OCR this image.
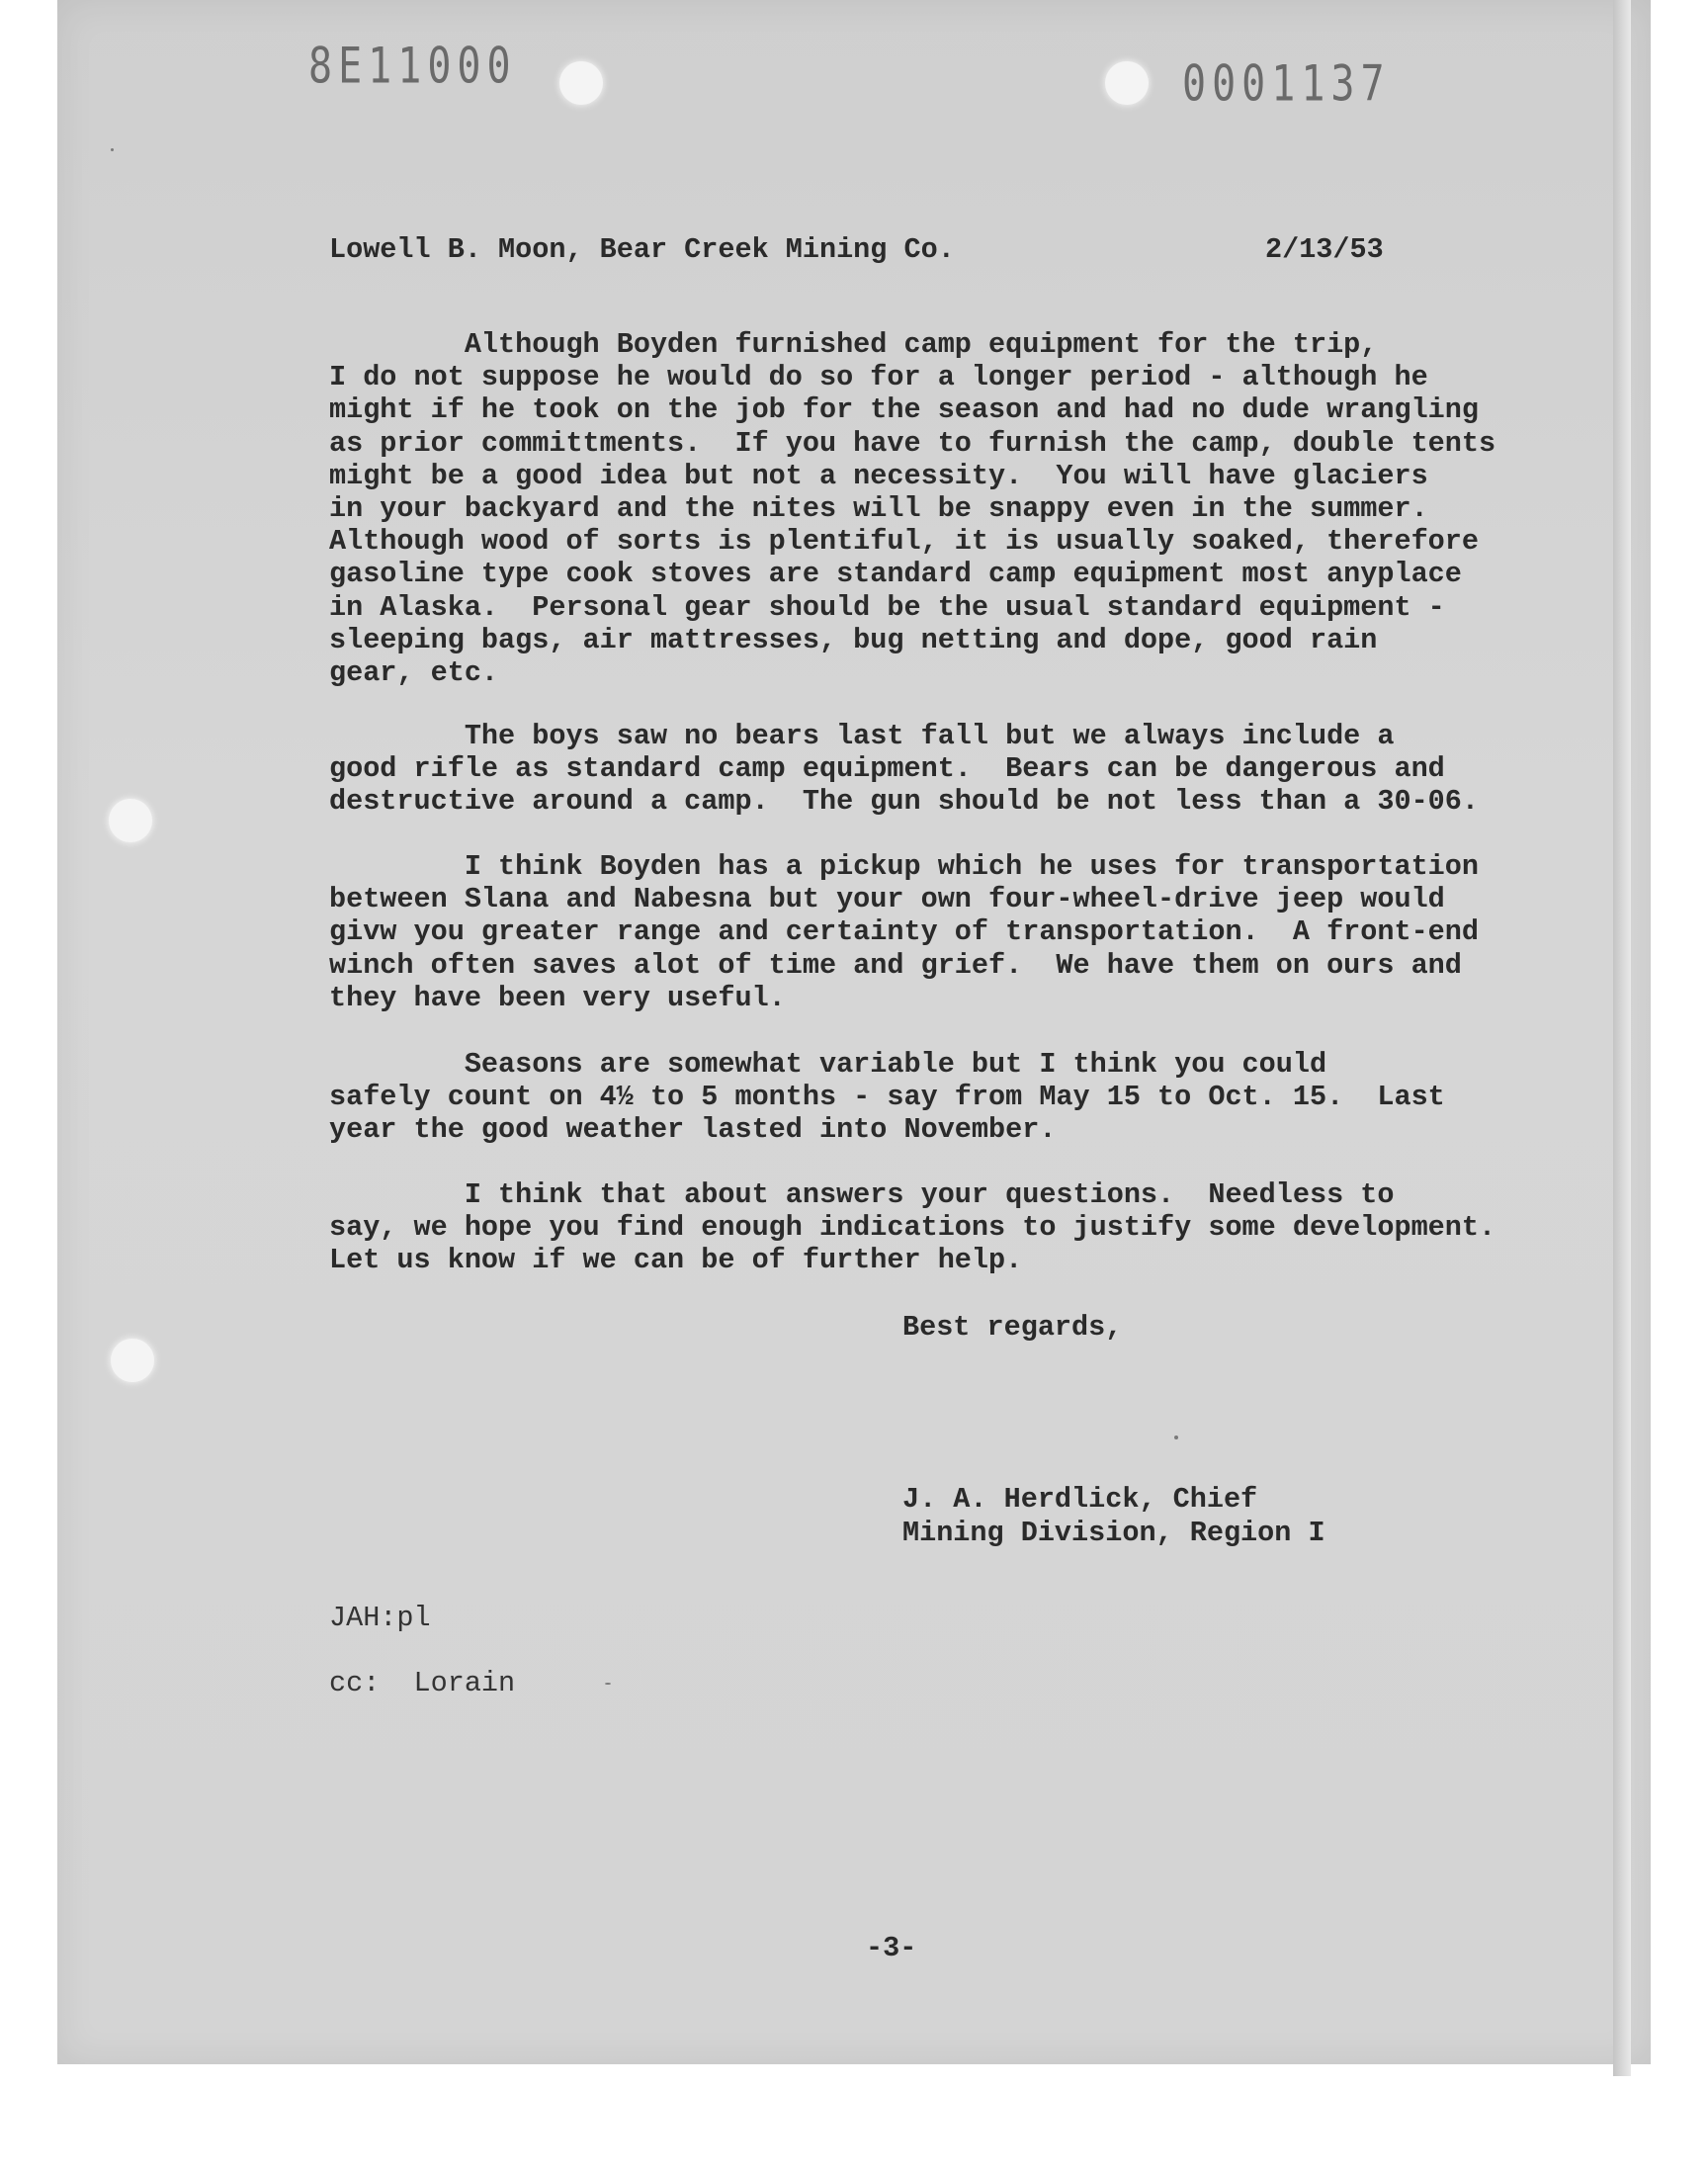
8E11000	0001137
Lowell B. Moon, Bear Creek Mining Co.	2/13/53
Although Boyden furnished camp equipment for the trip,
I do not suppose he would do so for a longer period - although he
might if he took on the job for the season and had no dude wrangling
as prior committments.  If you have to furnish the camp, double tents
might be a good idea but not a necessity.  You will have glaciers
in your backyard and the nites will be snappy even in the summer.
Although wood of sorts is plentiful, it is usually soaked, therefore
gasoline type cook stoves are standard camp equipment most anyplace
in Alaska.  Personal gear should be the usual standard equipment -
sleeping bags, air mattresses, bug netting and dope, good rain
gear, etc.
The boys saw no bears last fall but we always include a
good rifle as standard camp equipment.  Bears can be dangerous and
destructive around a camp.  The gun should be not less than a 30-06.
I think Boyden has a pickup which he uses for transportation
between Slana and Nabesna but your own four-wheel-drive jeep would
givw you greater range and certainty of transportation.  A front-end
winch often saves alot of time and grief.  We have them on ours and
they have been very useful.
Seasons are somewhat variable but I think you could
safely count on 4½ to 5 months - say from May 15 to Oct. 15.  Last
year the good weather lasted into November.
I think that about answers your questions.  Needless to
say, we hope you find enough indications to justify some development.
Let us know if we can be of further help.
Best regards,
J. A. Herdlick, Chief
Mining Division, Region I
JAH:pl
cc:  Lorain
-3-
